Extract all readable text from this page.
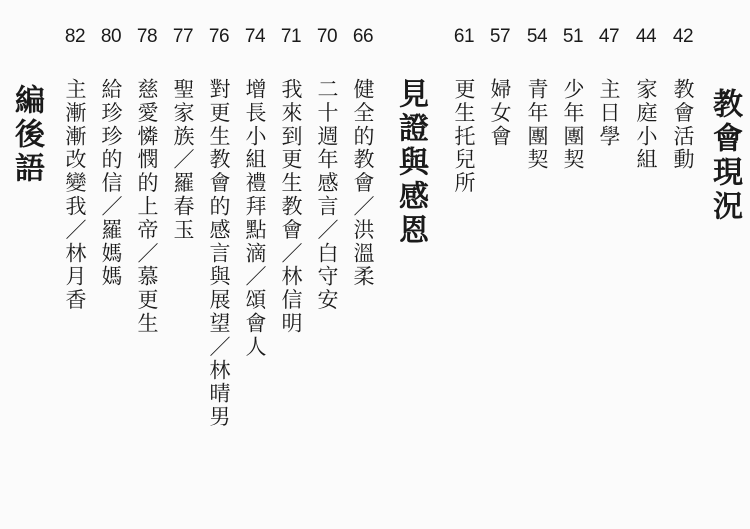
教會現況
42
教會活動
44
家庭小組
47
主日學
51
少年團契
54
青年團契
57
婦女會
61
更生托兒所
見證與感恩
66
健全的教會／洪溫柔
70
二十週年感言／白守安
71
我來到更生教會／林信明
74
增長小組禮拜點滴／頌會人
76
對更生教會的感言與展望／林晴男
77
聖家族／羅春玉
78
慈愛憐憫的上帝／慕更生
80
給珍珍的信／羅媽媽
82
主漸漸改變我／林月香
編後語
